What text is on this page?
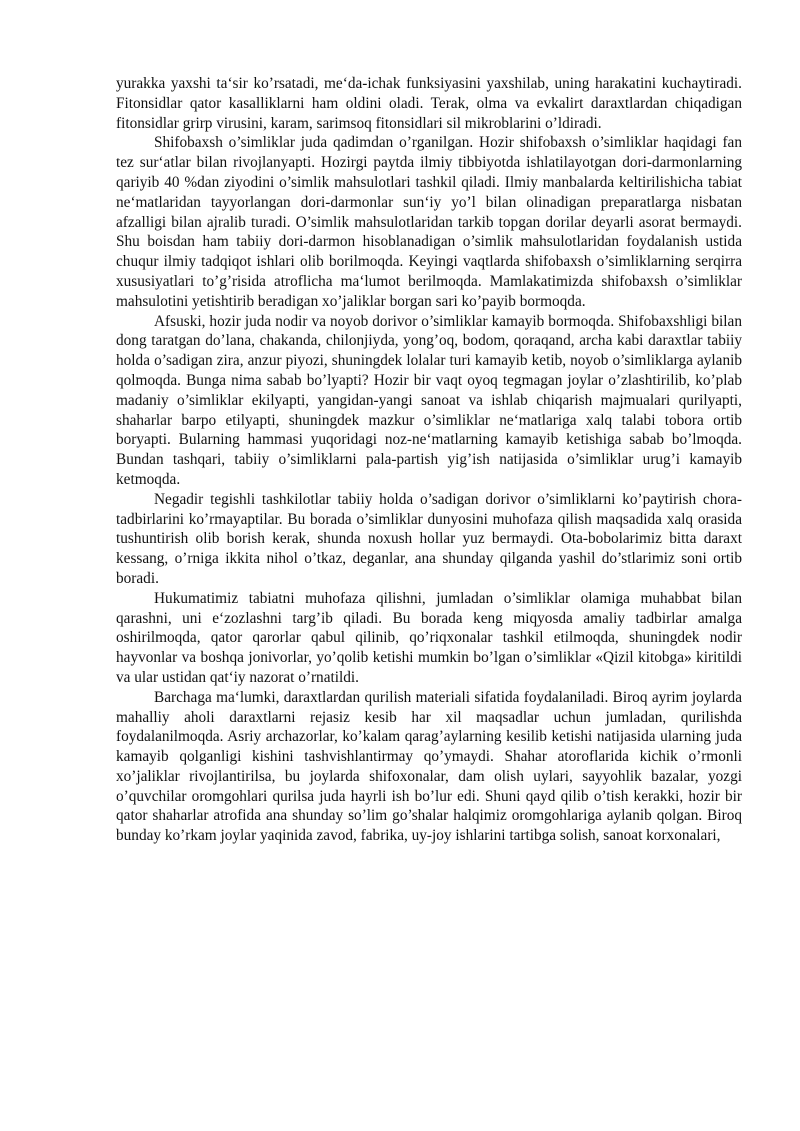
yurakka yaxshi ta‘sir ko’rsatadi, me‘da-ichak funksiyasini yaxshilab, uning harakatini kuchaytiradi. Fitonsidlar qator kasalliklarni ham oldini oladi. Terak, olma va evkalirt daraxtlardan chiqadigan fitonsidlar grirp virusini, karam, sarimsoq fitonsidlari sil mikroblarini o’ldiradi.

Shifobaxsh o’simliklar juda qadimdan o’rganilgan. Hozir shifobaxsh o’simliklar haqidagi fan tez sur‘atlar bilan rivojlanyapti. Hozirgi paytda ilmiy tibbiyotda ishlatilayotgan dori-darmonlarning qariyib 40 %dan ziyodini o’simlik mahsulotlari tashkil qiladi. Ilmiy manbalarda keltirilishicha tabiat ne‘matlaridan tayyorlangan dori-darmonlar sun‘iy yo’l bilan olinadigan preparatlarga nisbatan afzalligi bilan ajralib turadi. O’simlik mahsulotlaridan tarkib topgan dorilar deyarli asorat bermaydi. Shu boisdan ham tabiiy dori-darmon hisoblanadigan o’simlik mahsulotlaridan foydalanish ustida chuqur ilmiy tadqiqot ishlari olib borilmoqda. Keyingi vaqtlarda shifobaxsh o’simliklarning serqirra xususiyatlari to’g’risida atroflicha ma‘lumot berilmoqda. Mamlakatimizda shifobaxsh o’simliklar mahsulotini yetishtirib beradigan xo’jaliklar borgan sari ko’payib bormoqda.

Afsuski, hozir juda nodir va noyob dorivor o’simliklar kamayib bormoqda. Shifobaxshligi bilan dong taratgan do’lana, chakanda, chilonjiyda, yong’oq, bodom, qoraqand, archa kabi daraxtlar tabiiy holda o’sadigan zira, anzur piyozi, shuningdek lolalar turi kamayib ketib, noyob o’simliklarga aylanib qolmoqda. Bunga nima sabab bo’lyapti? Hozir bir vaqt oyoq tegmagan joylar o’zlashtirilib, ko’plab madaniy o’simliklar ekilyapti, yangidan-yangi sanoat va ishlab chiqarish majmualari qurilyapti, shaharlar barpo etilyapti, shuningdek mazkur o’simliklar ne‘matlariga xalq talabi tobora ortib boryapti. Bularning hammasi yuqoridagi noz-ne‘matlarning kamayib ketishiga sabab bo’lmoqda. Bundan tashqari, tabiiy o’simliklarni pala-partish yig’ish natijasida o’simliklar urug’i kamayib ketmoqda.

Negadir tegishli tashkilotlar tabiiy holda o’sadigan dorivor o’simliklarni ko’paytirish chora-tadbirlarini ko’rmayaptilar. Bu borada o’simliklar dunyosini muhofaza qilish maqsadida xalq orasida tushuntirish olib borish kerak, shunda noxush hollar yuz bermaydi. Ota-bobolarimiz bitta daraxt kessang, o’rniga ikkita nihol o’tkaz, deganlar, ana shunday qilganda yashil do’stlarimiz soni ortib boradi.

Hukumatimiz tabiatni muhofaza qilishni, jumladan o’simliklar olamiga muhabbat bilan qarashni, uni e‘zozlashni targ’ib qiladi. Bu borada keng miqyosda amaliy tadbirlar amalga oshirilmoqda, qator qarorlar qabul qilinib, qo’riqxonalar tashkil etilmoqda, shuningdek nodir hayvonlar va boshqa jonivorlar, yo’qolib ketishi mumkin bo’lgan o’simliklar «Qizil kitobga» kiritildi va ular ustidan qat‘iy nazorat o’rnatildi.

Barchaga ma‘lumki, daraxtlardan qurilish materiali sifatida foydalaniladi. Biroq ayrim joylarda mahalliy aholi daraxtlarni rejasiz kesib har xil maqsadlar uchun jumladan, qurilishda foydalanilmoqda. Asriy archazorlar, ko’kalam qarag’aylarning kesilib ketishi natijasida ularning juda kamayib qolganligi kishini tashvishlantirmay qo’ymaydi. Shahar atoroflarida kichik o’rmonli xo’jaliklar rivojlantirilsa, bu joylarda shifoxonalar, dam olish uylari, sayyohlik bazalar, yozgi o’quvchilar oromgohlari qurilsa juda hayrli ish bo’lur edi. Shuni qayd qilib o’tish kerakki, hozir bir qator shaharlar atrofida ana shunday so’lim go’shalar halqimiz oromgohlariga aylanib qolgan. Biroq bunday ko’rkam joylar yaqinida zavod, fabrika, uy-joy ishlarini tartibga solish, sanoat korxonalari,
